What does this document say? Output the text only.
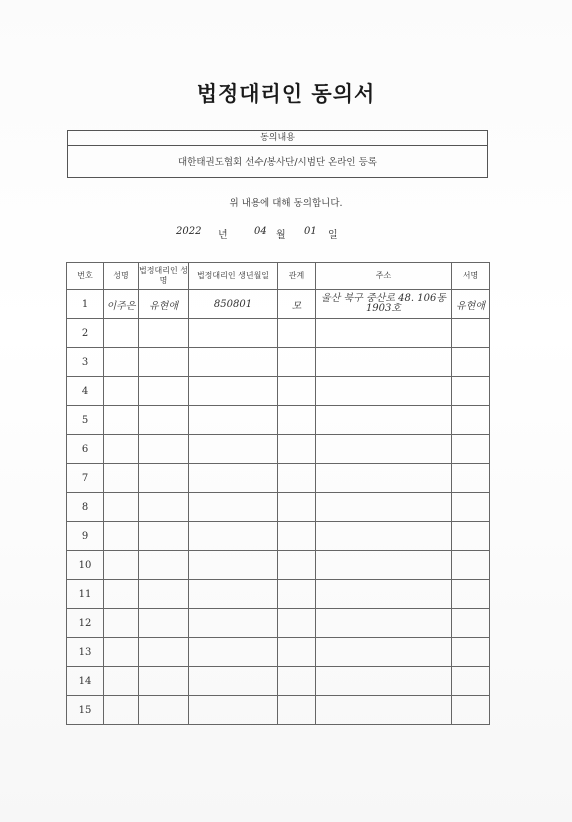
법정대리인 동의서
동의내용
대한태권도협회 선수/봉사단/시범단 온라인 등록
위 내용에 대해 동의합니다.
2022 년	04 월 01 일
번호	성명	법정대리인 성명	법정대리인 생년월일	관계	주소	서명
1	이주은	유현애	850801	모	울산 북구 중산로 48. 106동 1903호	유현애
2						
3						
4						
5						
6						
7						
8						
9						
10						
11						
12						
13						
14						
15						
